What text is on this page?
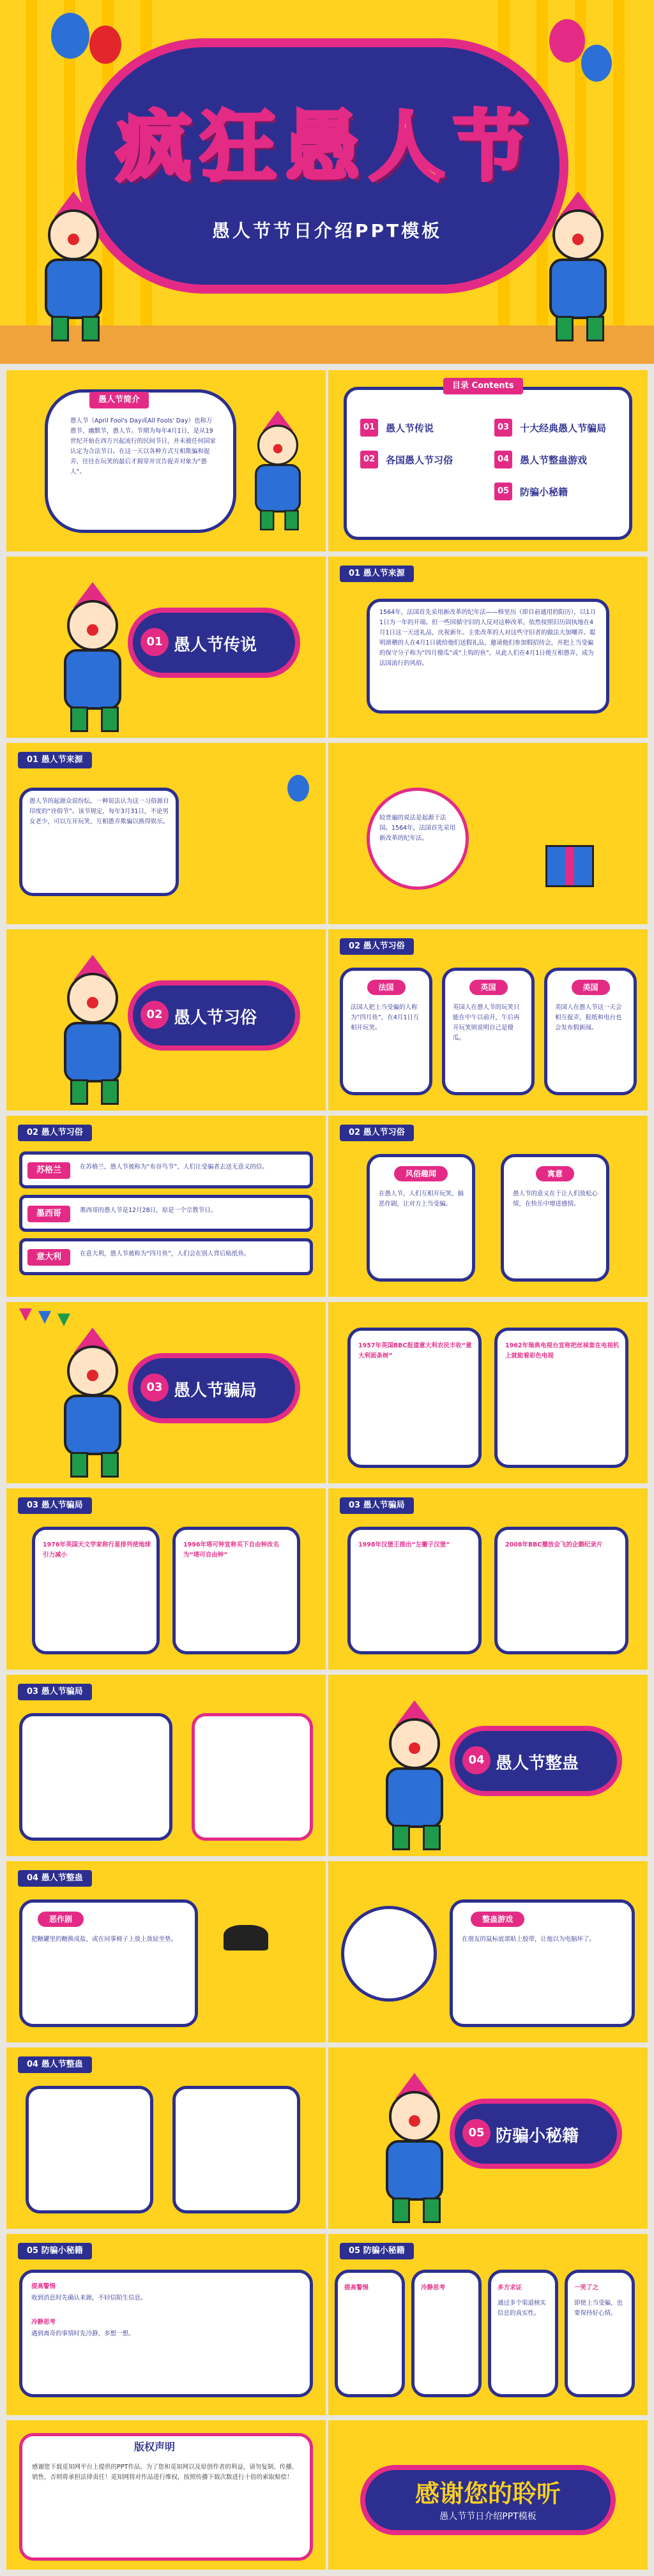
疯狂愚人节
愚人节节日介绍PPT模板
愚人节简介
愚人节（April Fool's Day或All Fools' Day）也称万愚节、幽默节，愚人节。节期为每年4月1日，是从19世纪开始在西方兴起流行的民间节日，并未被任何国家认定为合法节日。在这一天以各种方式互相欺骗和捉弄，往往在玩笑的最后才揭穿并宣告捉弄对象为“愚人”。
目录 Contents
01	愚人节传说
02	各国愚人节习俗
03	十大经典愚人节骗局
04	愚人节整蛊游戏
05	防骗小秘籍
01 愚人节传说
01 愚人节来源
1564年，法国首先采用新改革的纪年法——格里历（即目前通用的阳历），以1月1日为一年的开端。但一些因循守旧的人反对这种改革，依然按照旧历固执地在4月1日这一天送礼品，庆祝新年。主张改革的人对这些守旧者的做法大加嘲弄。聪明滑稽的人在4月1日就给他们送假礼品，邀请他们参加假招待会，并把上当受骗的保守分子称为“四月傻瓜”或“上钩的鱼”。从此人们在4月1日便互相愚弄，成为法国流行的风俗。
01 愚人节来源
愚人节的起源众说纷纭。一种说法认为这一习俗源自印度的“诠俗节”。该节规定，每年3月31日，不论男女老少，可以互开玩笑、互相愚弄欺骗以换得娱乐。
较普遍的说法是起源于法国。1564年，法国首先采用新改革的纪年法。
02 愚人节习俗
02 愚人节习俗
法国
法国人把上当受骗的人称为“四月鱼”，在4月1日互相开玩笑。
英国
英国人在愚人节的玩笑只能在中午以前开，午后再开玩笑则说明自己是傻瓜。
美国
美国人在愚人节这一天会相互捉弄，报纸和电台也会发布假新闻。
02 愚人节习俗
苏格兰	在苏格兰，愚人节被称为“布谷鸟节”，人们让受骗者去送无意义的信。
墨西哥	墨西哥的愚人节是12月28日，原是一个宗教节日。
意大利	在意大利，愚人节被称为“四月鱼”，人们会在别人背后贴纸鱼。
02 愚人节习俗
风俗趣闻
在愚人节，人们互相开玩笑、搞恶作剧，让对方上当受骗。
寓意
愚人节的意义在于让人们放松心情，在快乐中增进感情。
03 愚人节骗局
1957年英国BBC报道意大利农民丰收“意大利面条树”
1962年瑞典电视台宣称把丝袜套在电视机上就能看彩色电视
03 愚人节骗局
1976年英国天文学家称行星排列使地球引力减小
1996年塔可钟宣称买下自由钟改名为“塔可自由钟”
03 愚人节骗局
1998年汉堡王推出“左撇子汉堡”	2008年BBC播放会飞的企鹅纪录片
03 愚人节骗局
04 愚人节整蛊
04 愚人节整蛊
恶作剧
把糖罐里的糖换成盐，或在同事椅子上放上放屁坐垫。
整蛊游戏
在朋友的鼠标底部贴上胶带，让他以为电脑坏了。
04 愚人节整蛊
05 防骗小秘籍
05 防骗小秘籍
提高警惕
收到消息时先确认来源，不轻信陌生信息。
冷静思考
遇到离奇的事情时先冷静，多想一想。
05 防骗小秘籍
提高警惕	冷静思考	多方求证
通过多个渠道核实信息的真实性。
一笑了之
即使上当受骗，也要保持好心情。
版权声明
感谢您下载觅知网平台上提供的PPT作品，为了您和觅知网以及原创作者的利益，请勿复制、传播、销售，否则将承担法律责任！觅知网将对作品进行维权，按照传播下载次数进行十倍的索取赔偿！
感谢您的聆听
愚人节节日介绍PPT模板
